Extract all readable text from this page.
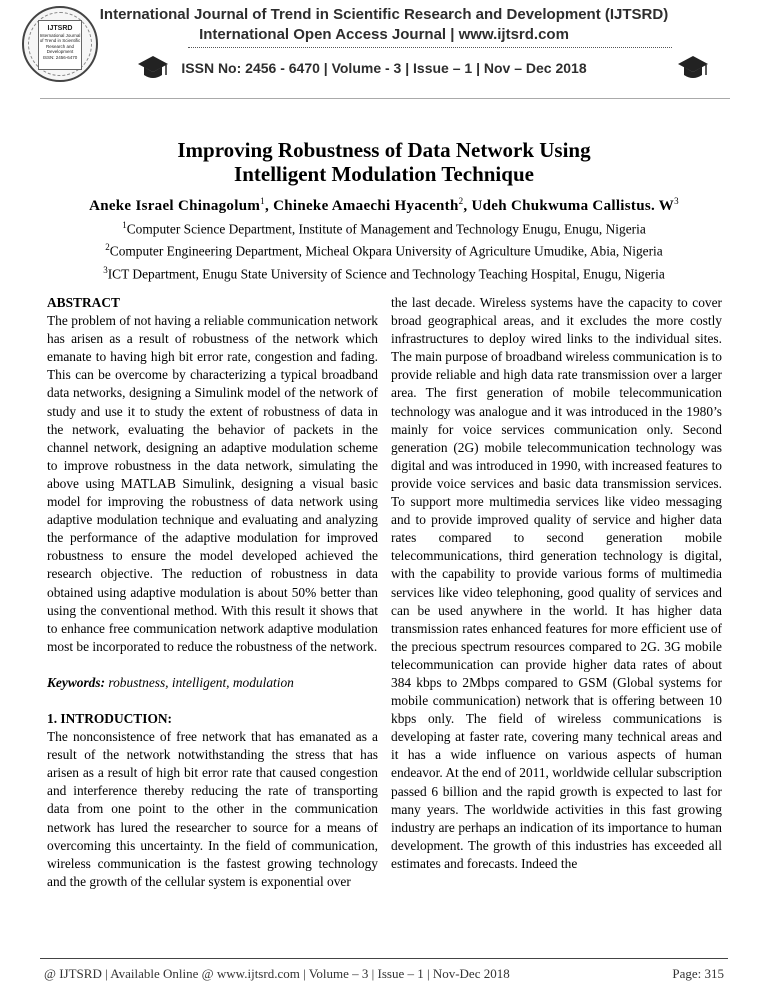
IJTSRD
International Journal of Trend in Scientific Research and Development
ISSN: 2456-6470
International Journal of Trend in Scientific Research and Development (IJTSRD)
International Open Access Journal | www.ijtsrd.com
ISSN No: 2456 - 6470 | Volume - 3 | Issue – 1 | Nov – Dec 2018
Improving Robustness of Data Network Using
Intelligent Modulation Technique
Aneke Israel Chinagolum$^1$, Chineke Amaechi Hyacenth$^2$, Udeh Chukwuma Callistus. $W^3$
$^1$Computer Science Department, Institute of Management and Technology Enugu, Enugu, Nigeria
$^2$Computer Engineering Department, Micheal Okpara University of Agriculture Umudike, Abia, Nigeria
$^3$ICT Department, Enugu State University of Science and Technology Teaching Hospital, Enugu, Nigeria

ABSTRACT

The problem of not having a reliable communication network has arisen as a result of robustness of the network which emanate to having high bit error rate, congestion and fading. This can be overcome by characterizing a typical broadband data networks, designing a Simulink model of the network of study and use it to study the extent of robustness of data in the network, evaluating the behavior of packets in the channel network, designing an adaptive modulation scheme to improve robustness in the data network, simulating the above using MATLAB Simulink, designing a visual basic model for improving the robustness of data network using adaptive modulation technique and evaluating and analyzing the performance of the adaptive modulation for improved robustness to ensure the model developed achieved the research objective. The reduction of robustness in data obtained using adaptive modulation is about 50% better than using the conventional method. With this result it shows that to enhance free communication network adaptive modulation most be incorporated to reduce the robustness of the network.

Keywords: robustness, intelligent, modulation

1. INTRODUCTION:

The nonconsistence of free network that has emanated as a result of the network notwithstanding the stress that has arisen as a result of high bit error rate that caused congestion and interference thereby reducing the rate of transporting data from one point to the other in the communication network has lured the researcher to source for a means of overcoming this uncertainty. In the field of communication, wireless communication is the fastest growing technology and the growth of the cellular system is exponential over

the last decade. Wireless systems have the capacity to cover broad geographical areas, and it excludes the more costly infrastructures to deploy wired links to the individual sites. The main purpose of broadband wireless communication is to provide reliable and high data rate transmission over a larger area. The first generation of mobile telecommunication technology was analogue and it was introduced in the 1980’s mainly for voice services communication only. Second generation (2G) mobile telecommunication technology was digital and was introduced in 1990, with increased features to provide voice services and basic data transmission services. To support more multimedia services like video messaging and to provide improved quality of service and higher data rates compared to second generation mobile telecommunications, third generation technology is digital, with the capability to provide various forms of multimedia services like video telephoning, good quality of services and can be used anywhere in the world. It has higher data transmission rates enhanced features for more efficient use of the precious spectrum resources compared to 2G. 3G mobile telecommunication can provide higher data rates of about 384 kbps to 2Mbps compared to GSM (Global systems for mobile communication) network that is offering between 10 kbps only. The field of wireless communications is developing at faster rate, covering many technical areas and it has a wide influence on various aspects of human endeavor. At the end of 2011, worldwide cellular subscription passed 6 billion and the rapid growth is expected to last for many years. The worldwide activities in this fast growing industry are perhaps an indication of its importance to human development. The growth of this industries has exceeded all estimates and forecasts. Indeed the

@ IJTSRD | Available Online @ www.ijtsrd.com | Volume – 3 | Issue – 1 | Nov-Dec 2018	Page: 315
